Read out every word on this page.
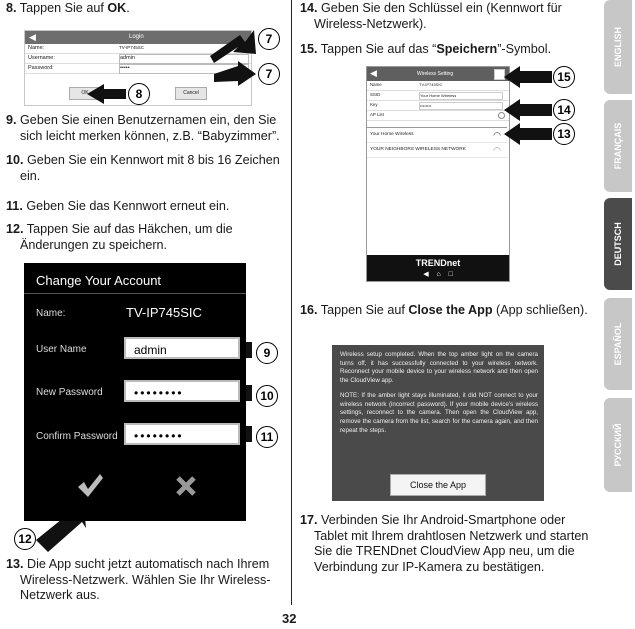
ENGLISH
FRANÇAIS
DEUTSCH
ESPAÑOL
РУССКИЙ
8. Tappen Sie auf OK.
◀	Login
Name:	TV-IP745SC
Username:	admin
Password:	•••••
OK	Cancel
7
7
8
9. Geben Sie einen Benutzernamen ein, den Sie sich leicht merken können, z.B. “Babyzimmer”.
10. Geben Sie ein Kennwort mit 8 bis 16 Zeichen ein.
11. Geben Sie das Kennwort erneut ein.
12. Tappen Sie auf das Häkchen, um die Änderungen zu speichern.
Change Your Account
Name:	TV-IP745SIC
User Name	admin
New Password	••••••••
Confirm Password	••••••••
9
10
11
12
13. Die App sucht jetzt automatisch nach Ihrem Wireless-Netzwerk. Wählen Sie Ihr Wireless-Netzwerk aus.
32
14. Geben Sie den Schlüssel ein (Kennwort für Wireless-Netzwerk).
15. Tappen Sie auf das “Speichern”-Symbol.
◀	Wireless Setting
Name	TV-IP745SIC
SSID	Your Home Wireless
Key	••••••••
AP List
Your Home Wireless	◠
YOUR NEIGHBORS WIRELESS NETWORK	◠
TRENDnet
◀    ⌂    □
15
14
13
16. Tappen Sie auf Close the App (App schließen).
Wireless setup completed. When the top amber light on the camera turns off, it has successfully connected to your wireless network. Reconnect your mobile device to your wireless network and then open the CloudView app.
NOTE: If the amber light stays illuminated, it did NOT connect to your wireless network (incorrect password). If your mobile device's wireless settings, reconnect to the camera. Then open the CloudView app, remove the camera from the list, search for the camera again, and then repeat the steps.
Close the App
17. Verbinden Sie Ihr Android-Smartphone oder Tablet mit Ihrem drahtlosen Netzwerk und starten Sie die TRENDnet CloudView App neu, um die Verbindung zur IP-Kamera zu bestätigen.
